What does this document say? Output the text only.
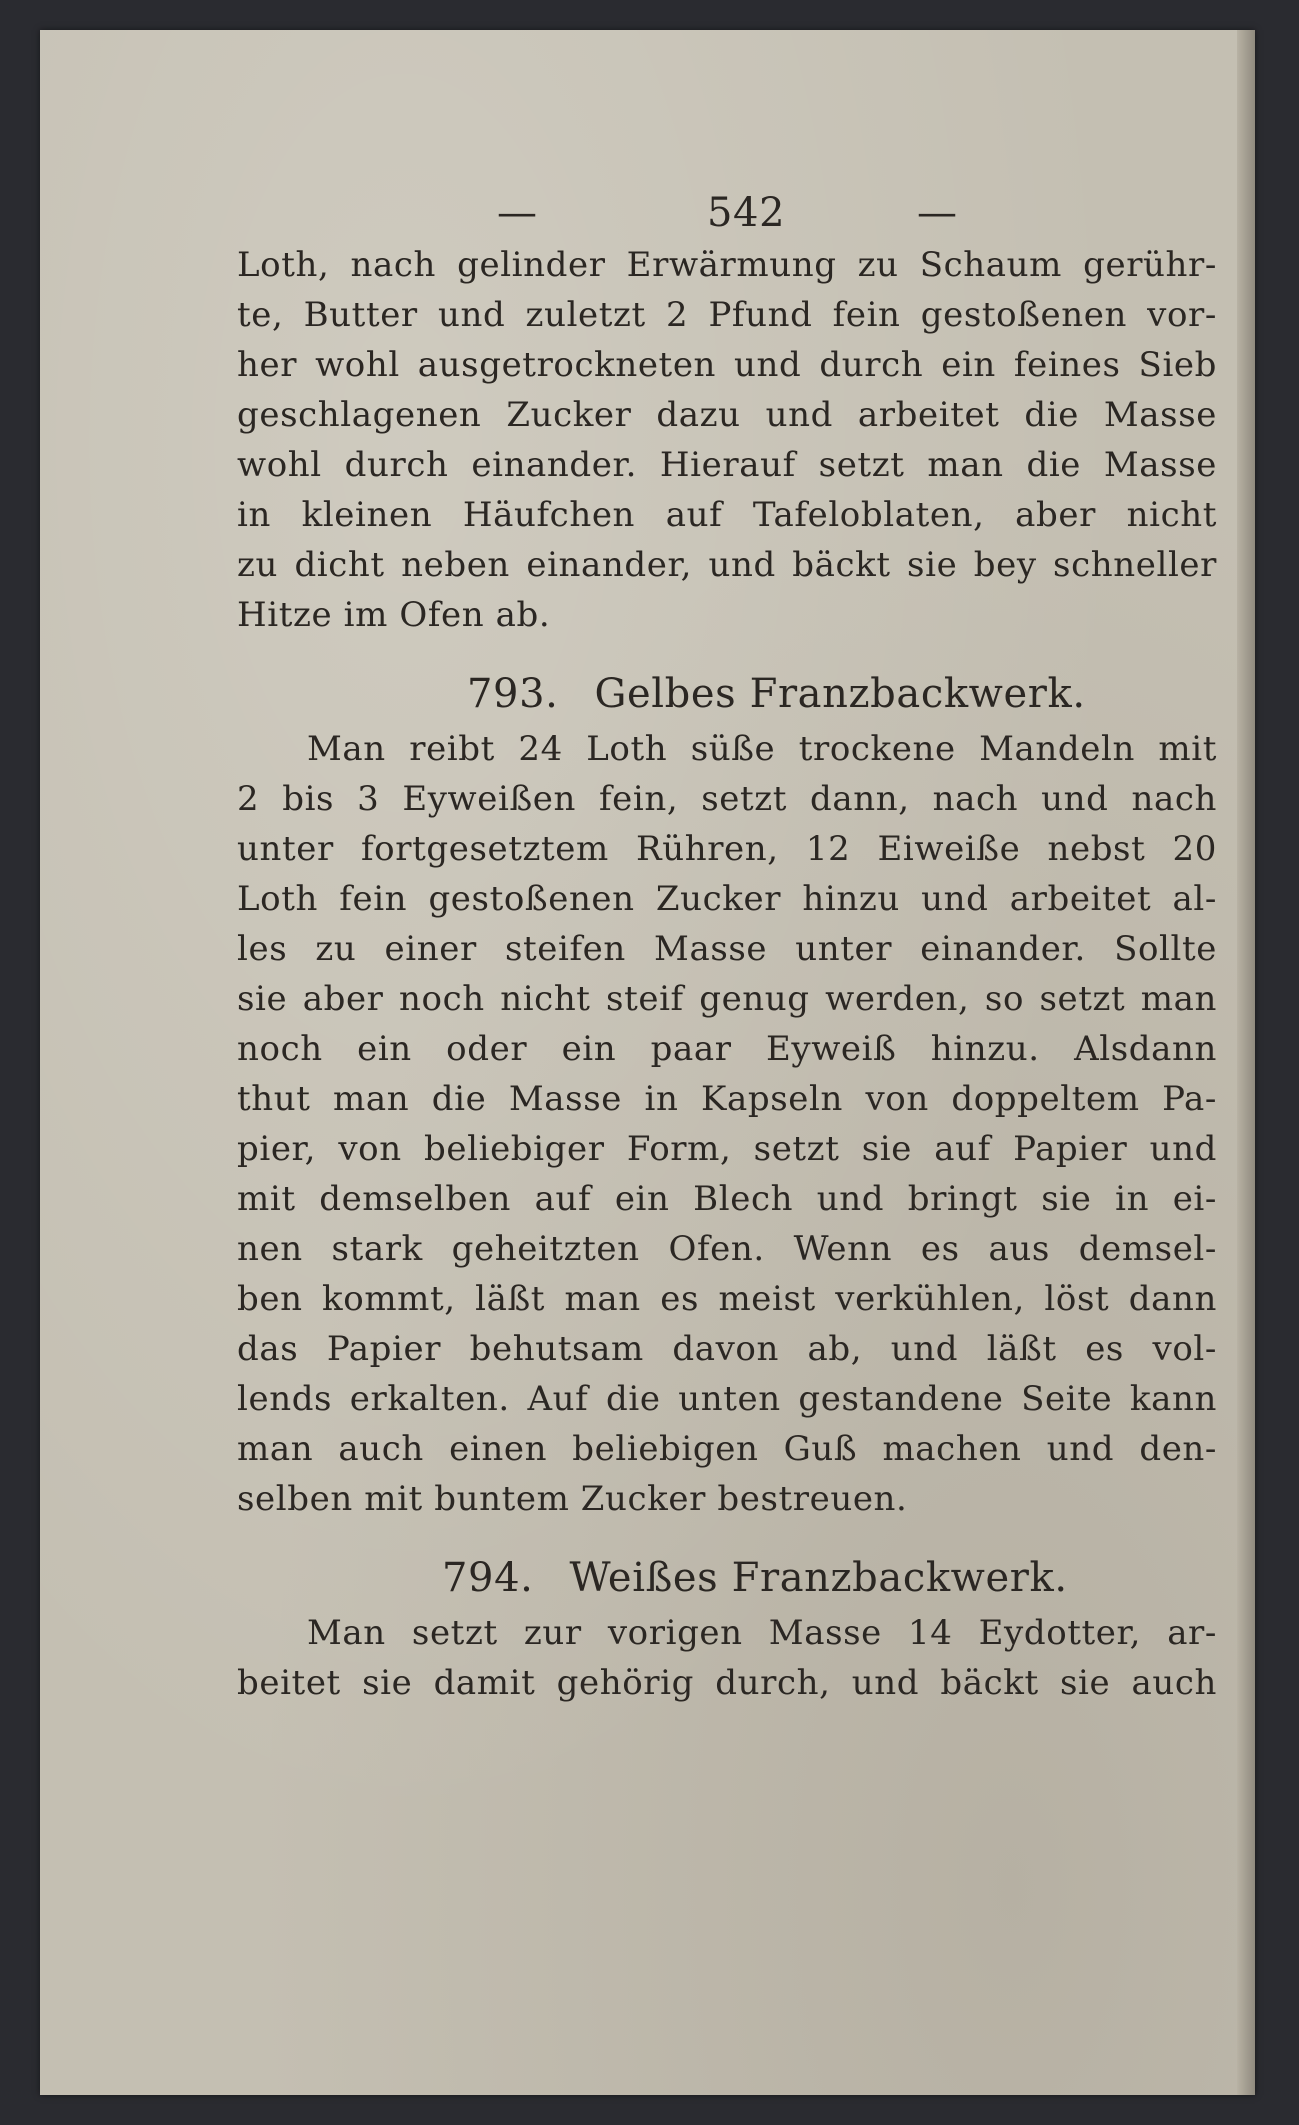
—	542	—
Loth, nach gelinder Erwärmung zu Schaum gerühr-
te, Butter und zuletzt 2 Pfund fein gestoßenen vor-
her wohl ausgetrockneten und durch ein feines Sieb
geschlagenen Zucker dazu und arbeitet die Masse
wohl durch einander. Hierauf setzt man die Masse
in kleinen Häufchen auf Tafeloblaten, aber nicht
zu dicht neben einander, und bäckt sie bey schneller
Hitze im Ofen ab.
793. Gelbes Franzbackwerk.
Man reibt 24 Loth süße trockene Mandeln mit
2 bis 3 Eyweißen fein, setzt dann, nach und nach
unter fortgesetztem Rühren, 12 Eiweiße nebst 20
Loth fein gestoßenen Zucker hinzu und arbeitet al-
les zu einer steifen Masse unter einander. Sollte
sie aber noch nicht steif genug werden, so setzt man
noch ein oder ein paar Eyweiß hinzu. Alsdann
thut man die Masse in Kapseln von doppeltem Pa-
pier, von beliebiger Form, setzt sie auf Papier und
mit demselben auf ein Blech und bringt sie in ei-
nen stark geheitzten Ofen. Wenn es aus demsel-
ben kommt, läßt man es meist verkühlen, löst dann
das Papier behutsam davon ab, und läßt es vol-
lends erkalten. Auf die unten gestandene Seite kann
man auch einen beliebigen Guß machen und den-
selben mit buntem Zucker bestreuen.
794. Weißes Franzbackwerk.
Man setzt zur vorigen Masse 14 Eydotter, ar-
beitet sie damit gehörig durch, und bäckt sie auch
